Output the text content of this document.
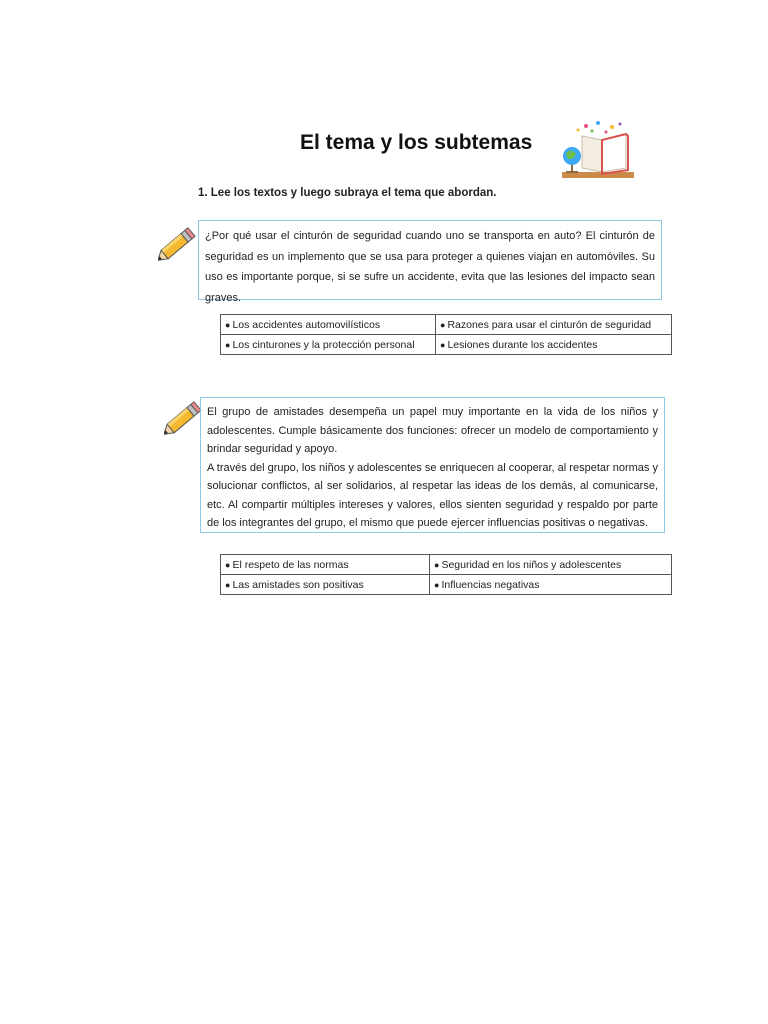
El tema y los subtemas
1. Lee los textos y luego subraya el tema que abordan.

¿Por qué usar el cinturón de seguridad cuando uno se transporta en auto? El cinturón de seguridad es un implemento que se usa para proteger a quienes viajan en automóviles. Su uso es importante porque, si se sufre un accidente, evita que las lesiones del impacto sean graves.

● Los accidentes automovilísticos	● Razones para usar el cinturón de seguridad
● Los cinturones y la protección personal	● Lesiones durante los accidentes

El grupo de amistades desempeña un papel muy importante en la vida de los niños y adolescentes. Cumple básicamente dos funciones: ofrecer un modelo de comportamiento y brindar seguridad y apoyo.

A través del grupo, los niños y adolescentes se enriquecen al cooperar, al respetar normas y solucionar conflictos, al ser solidarios, al respetar las ideas de los demás, al comunicarse, etc. Al compartir múltiples intereses y valores, ellos sienten seguridad y respaldo por parte de los integrantes del grupo, el mismo que puede ejercer influencias positivas o negativas.

● El respeto de las normas	● Seguridad en los niños y adolescentes
● Las amistades son positivas	● Influencias negativas
